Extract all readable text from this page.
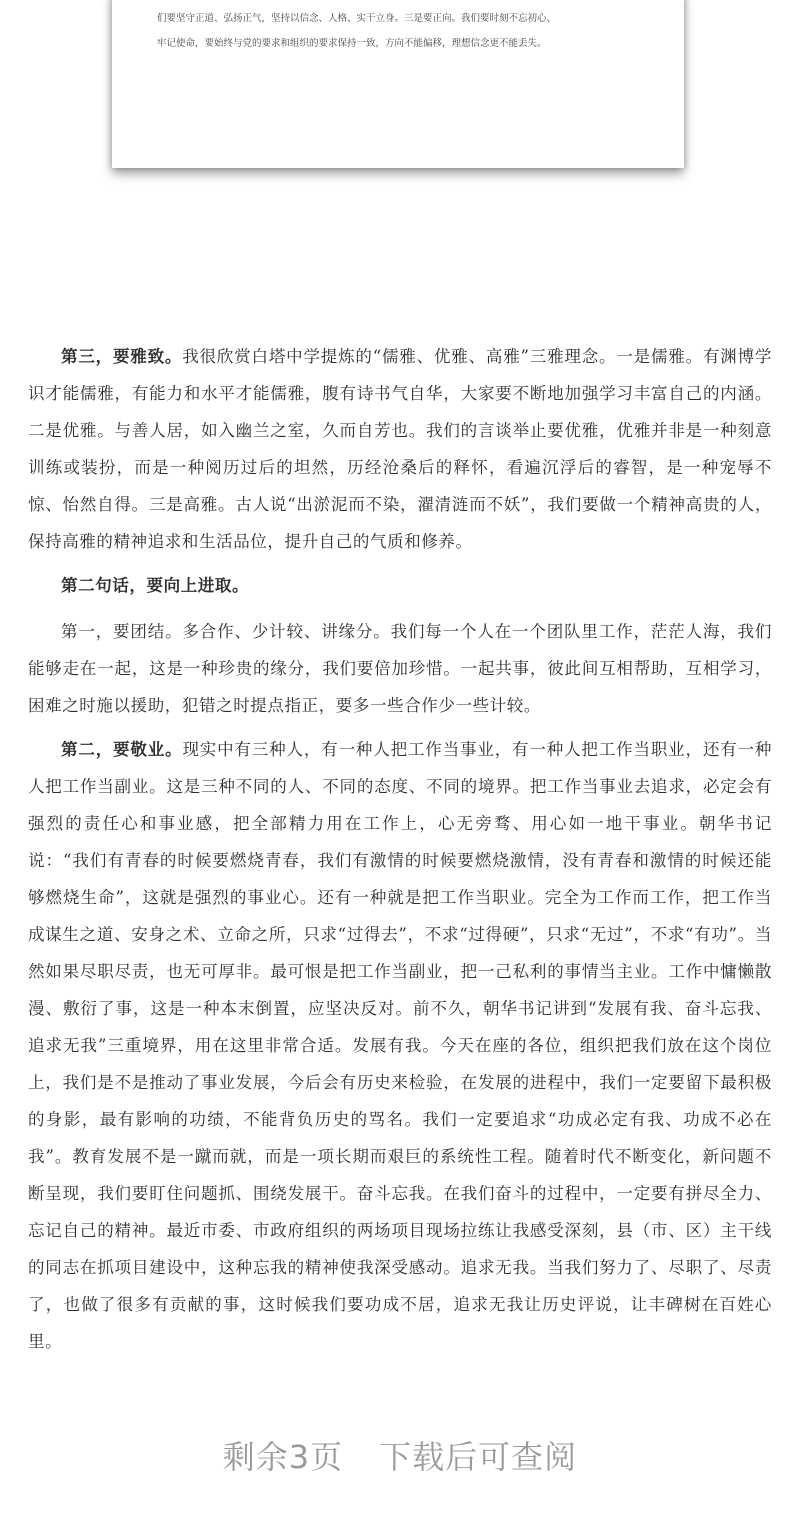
们要坚守正道、弘扬正气，坚持以信念、人格、实干立身。三是要正向。我们要时刻不忘初心、
牢记使命，要始终与党的要求和组织的要求保持一致，方向不能偏移，理想信念更不能丢失。

第三，要雅致。我很欣赏白塔中学提炼的“儒雅、优雅、高雅”三雅理念。一是儒雅。有渊博学识才能儒雅，有能力和水平才能儒雅，腹有诗书气自华，大家要不断地加强学习丰富自己的内涵。二是优雅。与善人居，如入幽兰之室，久而自芳也。我们的言谈举止要优雅，优雅并非是一种刻意训练或装扮，而是一种阅历过后的坦然，历经沧桑后的释怀，看遍沉浮后的睿智，是一种宠辱不惊、怡然自得。三是高雅。古人说“出淤泥而不染，濯清涟而不妖”，我们要做一个精神高贵的人，保持高雅的精神追求和生活品位，提升自己的气质和修养。

第二句话，要向上进取。

第一，要团结。多合作、少计较、讲缘分。我们每一个人在一个团队里工作，茫茫人海，我们能够走在一起，这是一种珍贵的缘分，我们要倍加珍惜。一起共事，彼此间互相帮助，互相学习，困难之时施以援助，犯错之时提点指正，要多一些合作少一些计较。

第二，要敬业。现实中有三种人，有一种人把工作当事业，有一种人把工作当职业，还有一种人把工作当副业。这是三种不同的人、不同的态度、不同的境界。把工作当事业去追求，必定会有强烈的责任心和事业感，把全部精力用在工作上，心无旁骛、用心如一地干事业。朝华书记说：“我们有青春的时候要燃烧青春，我们有激情的时候要燃烧激情，没有青春和激情的时候还能够燃烧生命”，这就是强烈的事业心。还有一种就是把工作当职业。完全为工作而工作，把工作当成谋生之道、安身之术、立命之所，只求“过得去”，不求“过得硬”，只求“无过”，不求“有功”。当然如果尽职尽责，也无可厚非。最可恨是把工作当副业，把一己私利的事情当主业。工作中慵懒散漫、敷衍了事，这是一种本末倒置，应坚决反对。前不久，朝华书记讲到“发展有我、奋斗忘我、追求无我”三重境界，用在这里非常合适。发展有我。今天在座的各位，组织把我们放在这个岗位上，我们是不是推动了事业发展，今后会有历史来检验，在发展的进程中，我们一定要留下最积极的身影，最有影响的功绩，不能背负历史的骂名。我们一定要追求“功成必定有我、功成不必在我”。教育发展不是一蹴而就，而是一项长期而艰巨的系统性工程。随着时代不断变化，新问题不断呈现，我们要盯住问题抓、围绕发展干。奋斗忘我。在我们奋斗的过程中，一定要有拼尽全力、忘记自己的精神。最近市委、市政府组织的两场项目现场拉练让我感受深刻，县（市、区）主干线的同志在抓项目建设中，这种忘我的精神使我深受感动。追求无我。当我们努力了、尽职了、尽责了，也做了很多有贡献的事，这时候我们要功成不居，追求无我让历史评说，让丰碑树在百姓心里。

剩余3页 下载后可查阅
